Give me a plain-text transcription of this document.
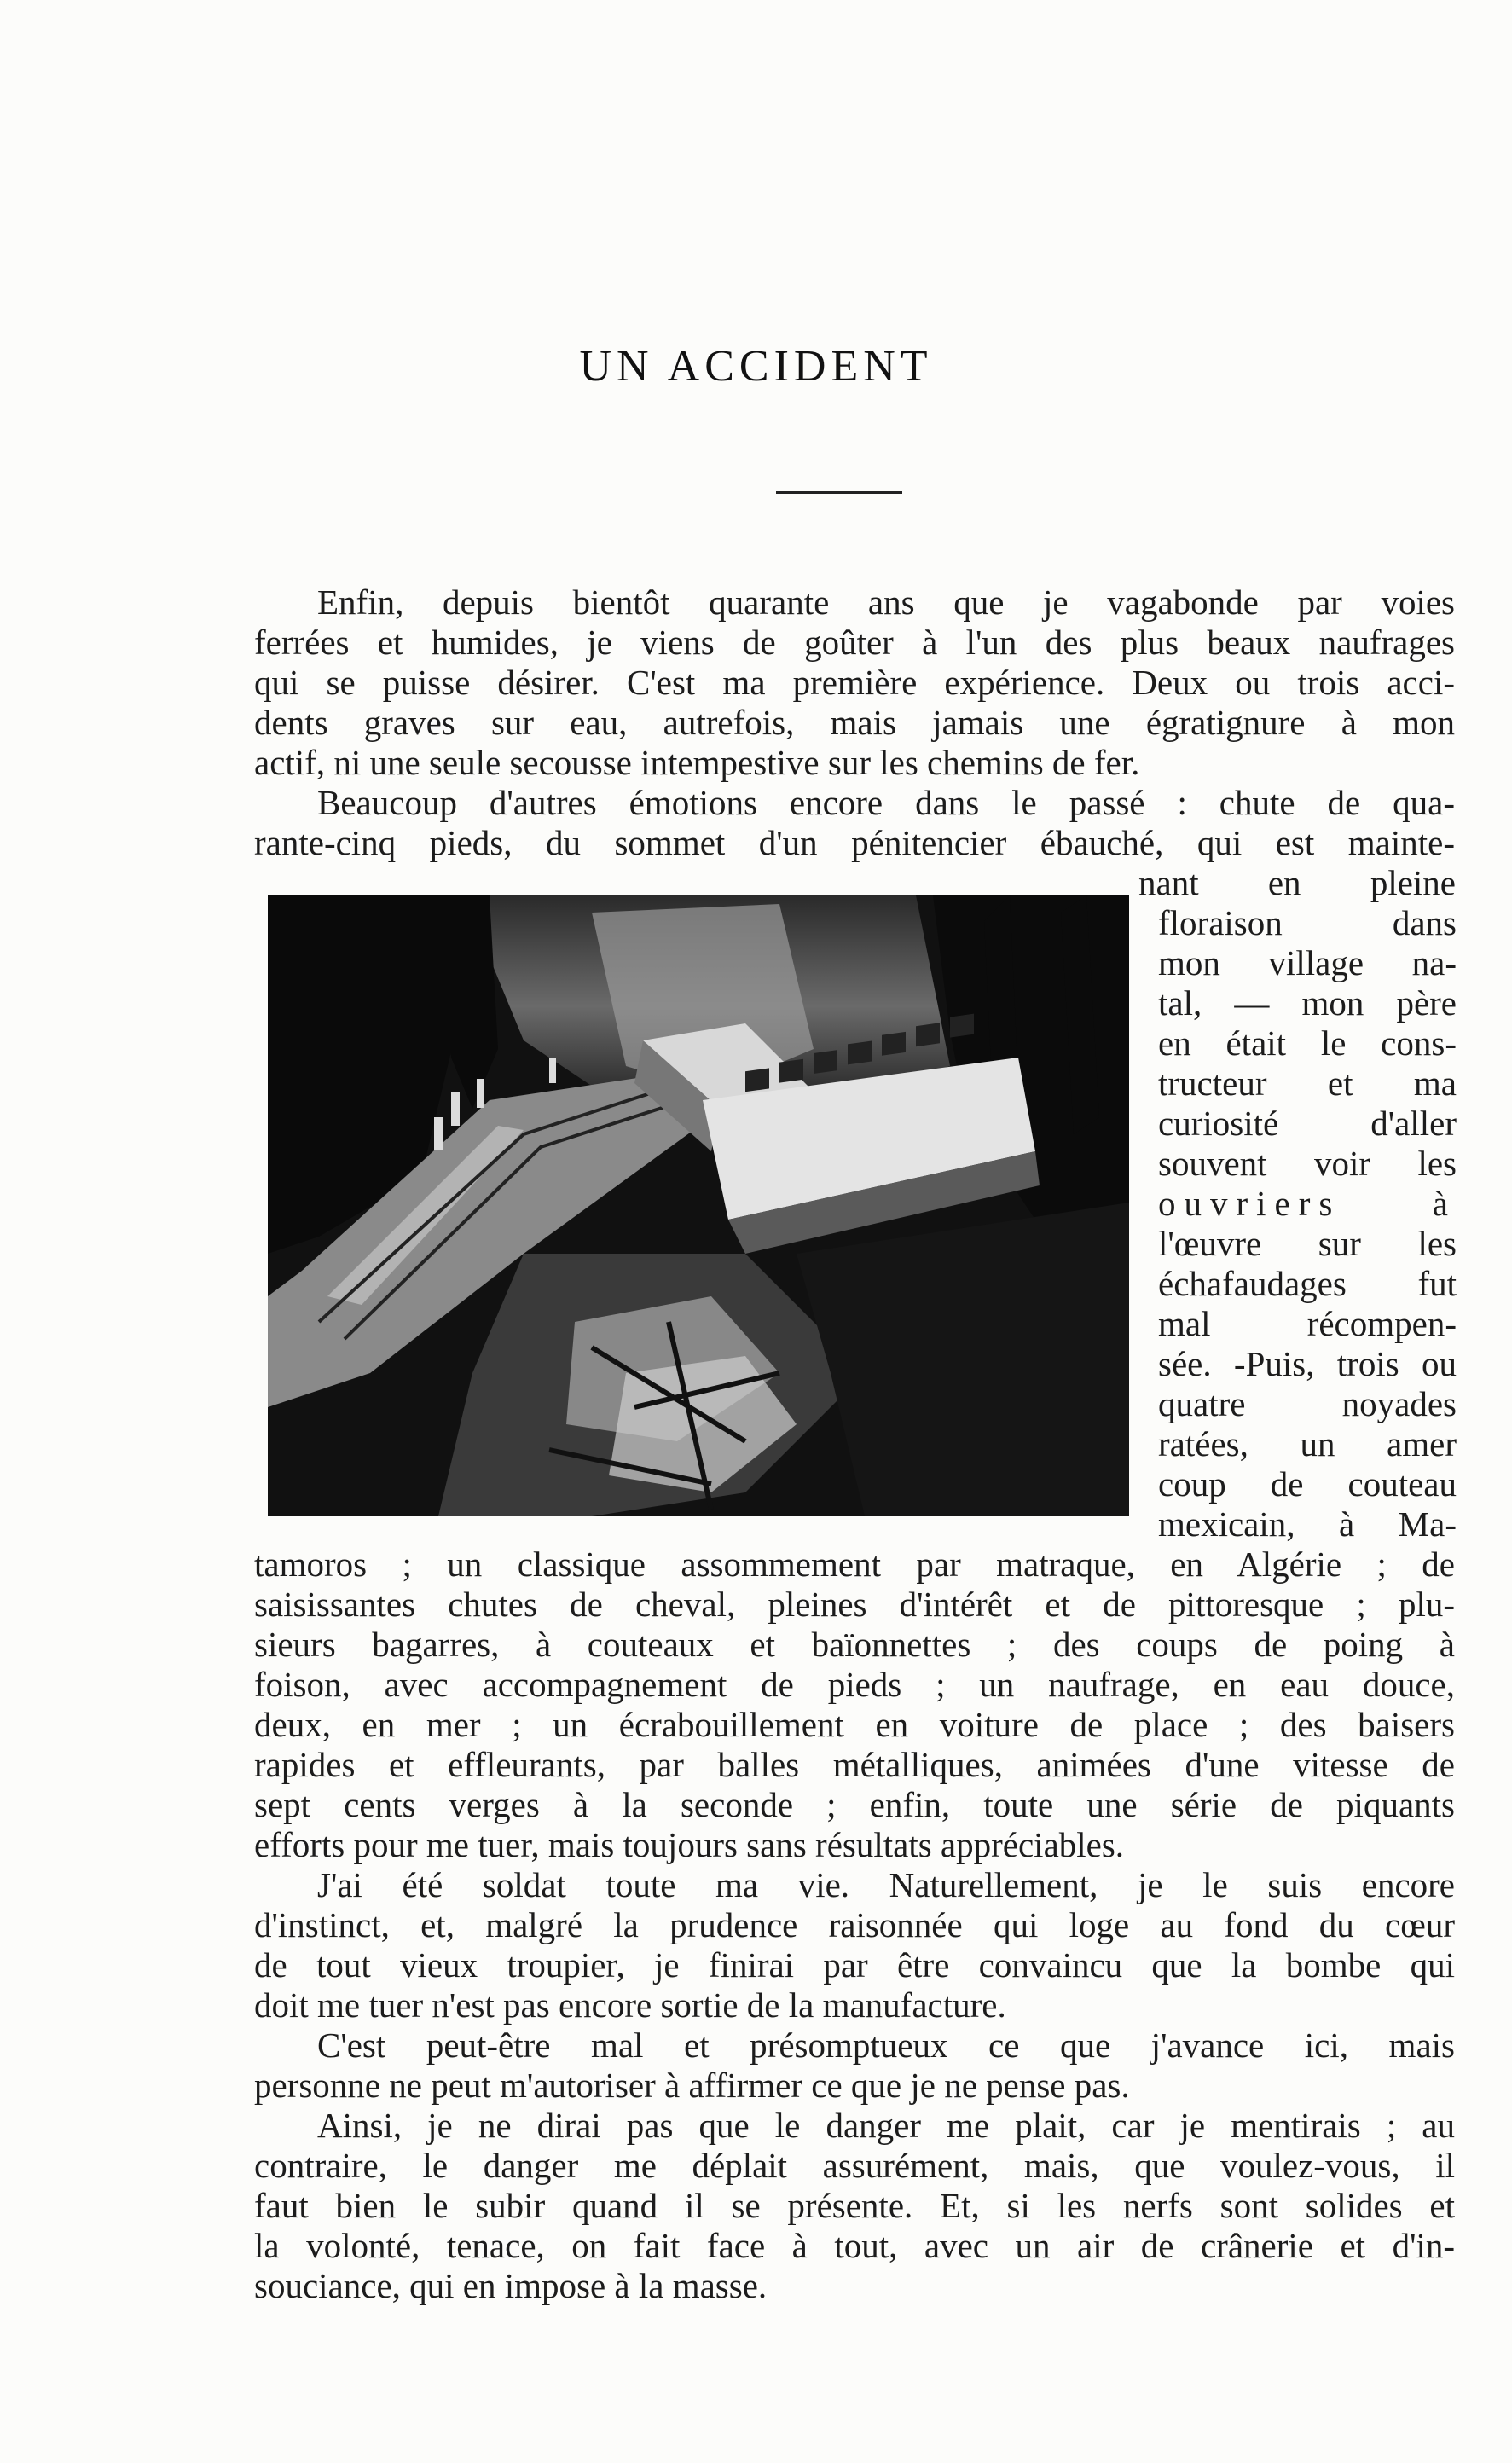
UN ACCIDENT

Enfin, depuis bientôt quarante ans que je vagabonde par voies

ferrées et humides, je viens de goûter à l'un des plus beaux naufrages

qui se puisse désirer. C'est ma première expérience. Deux ou trois acci-

dents graves sur eau, autrefois, mais jamais une égratignure à mon

actif, ni une seule secousse intempestive sur les chemins de fer.

Beaucoup d'autres émotions encore dans le passé : chute de qua-

rante-cinq pieds, du sommet d'un pénitencier ébauché, qui est mainte-

nant en pleine

floraison dans

mon village na-

tal, — mon père

en était le cons-

tructeur et ma

curiosité d'aller

souvent voir les

ouvriers à

l'œuvre sur les

échafaudages fut

mal récompen-

sée. -Puis, trois ou

quatre noyades

ratées, un amer

coup de couteau

mexicain, à Ma-

tamoros ; un classique assommement par matraque, en Algérie ; de

saisissantes chutes de cheval, pleines d'intérêt et de pittoresque ; plu-

sieurs bagarres, à couteaux et baïonnettes ; des coups de poing à

foison, avec accompagnement de pieds ; un naufrage, en eau douce,

deux, en mer ; un écrabouillement en voiture de place ; des baisers

rapides et effleurants, par balles métalliques, animées d'une vitesse de

sept cents verges à la seconde ; enfin, toute une série de piquants

efforts pour me tuer, mais toujours sans résultats appréciables.

J'ai été soldat toute ma vie. Naturellement, je le suis encore

d'instinct, et, malgré la prudence raisonnée qui loge au fond du cœur

de tout vieux troupier, je finirai par être convaincu que la bombe qui

doit me tuer n'est pas encore sortie de la manufacture.

C'est peut-être mal et présomptueux ce que j'avance ici, mais

personne ne peut m'autoriser à affirmer ce que je ne pense pas.

Ainsi, je ne dirai pas que le danger me plait, car je mentirais ; au

contraire, le danger me déplait assurément, mais, que voulez-vous, il

faut bien le subir quand il se présente. Et, si les nerfs sont solides et

la volonté, tenace, on fait face à tout, avec un air de crânerie et d'in-

souciance, qui en impose à la masse.
